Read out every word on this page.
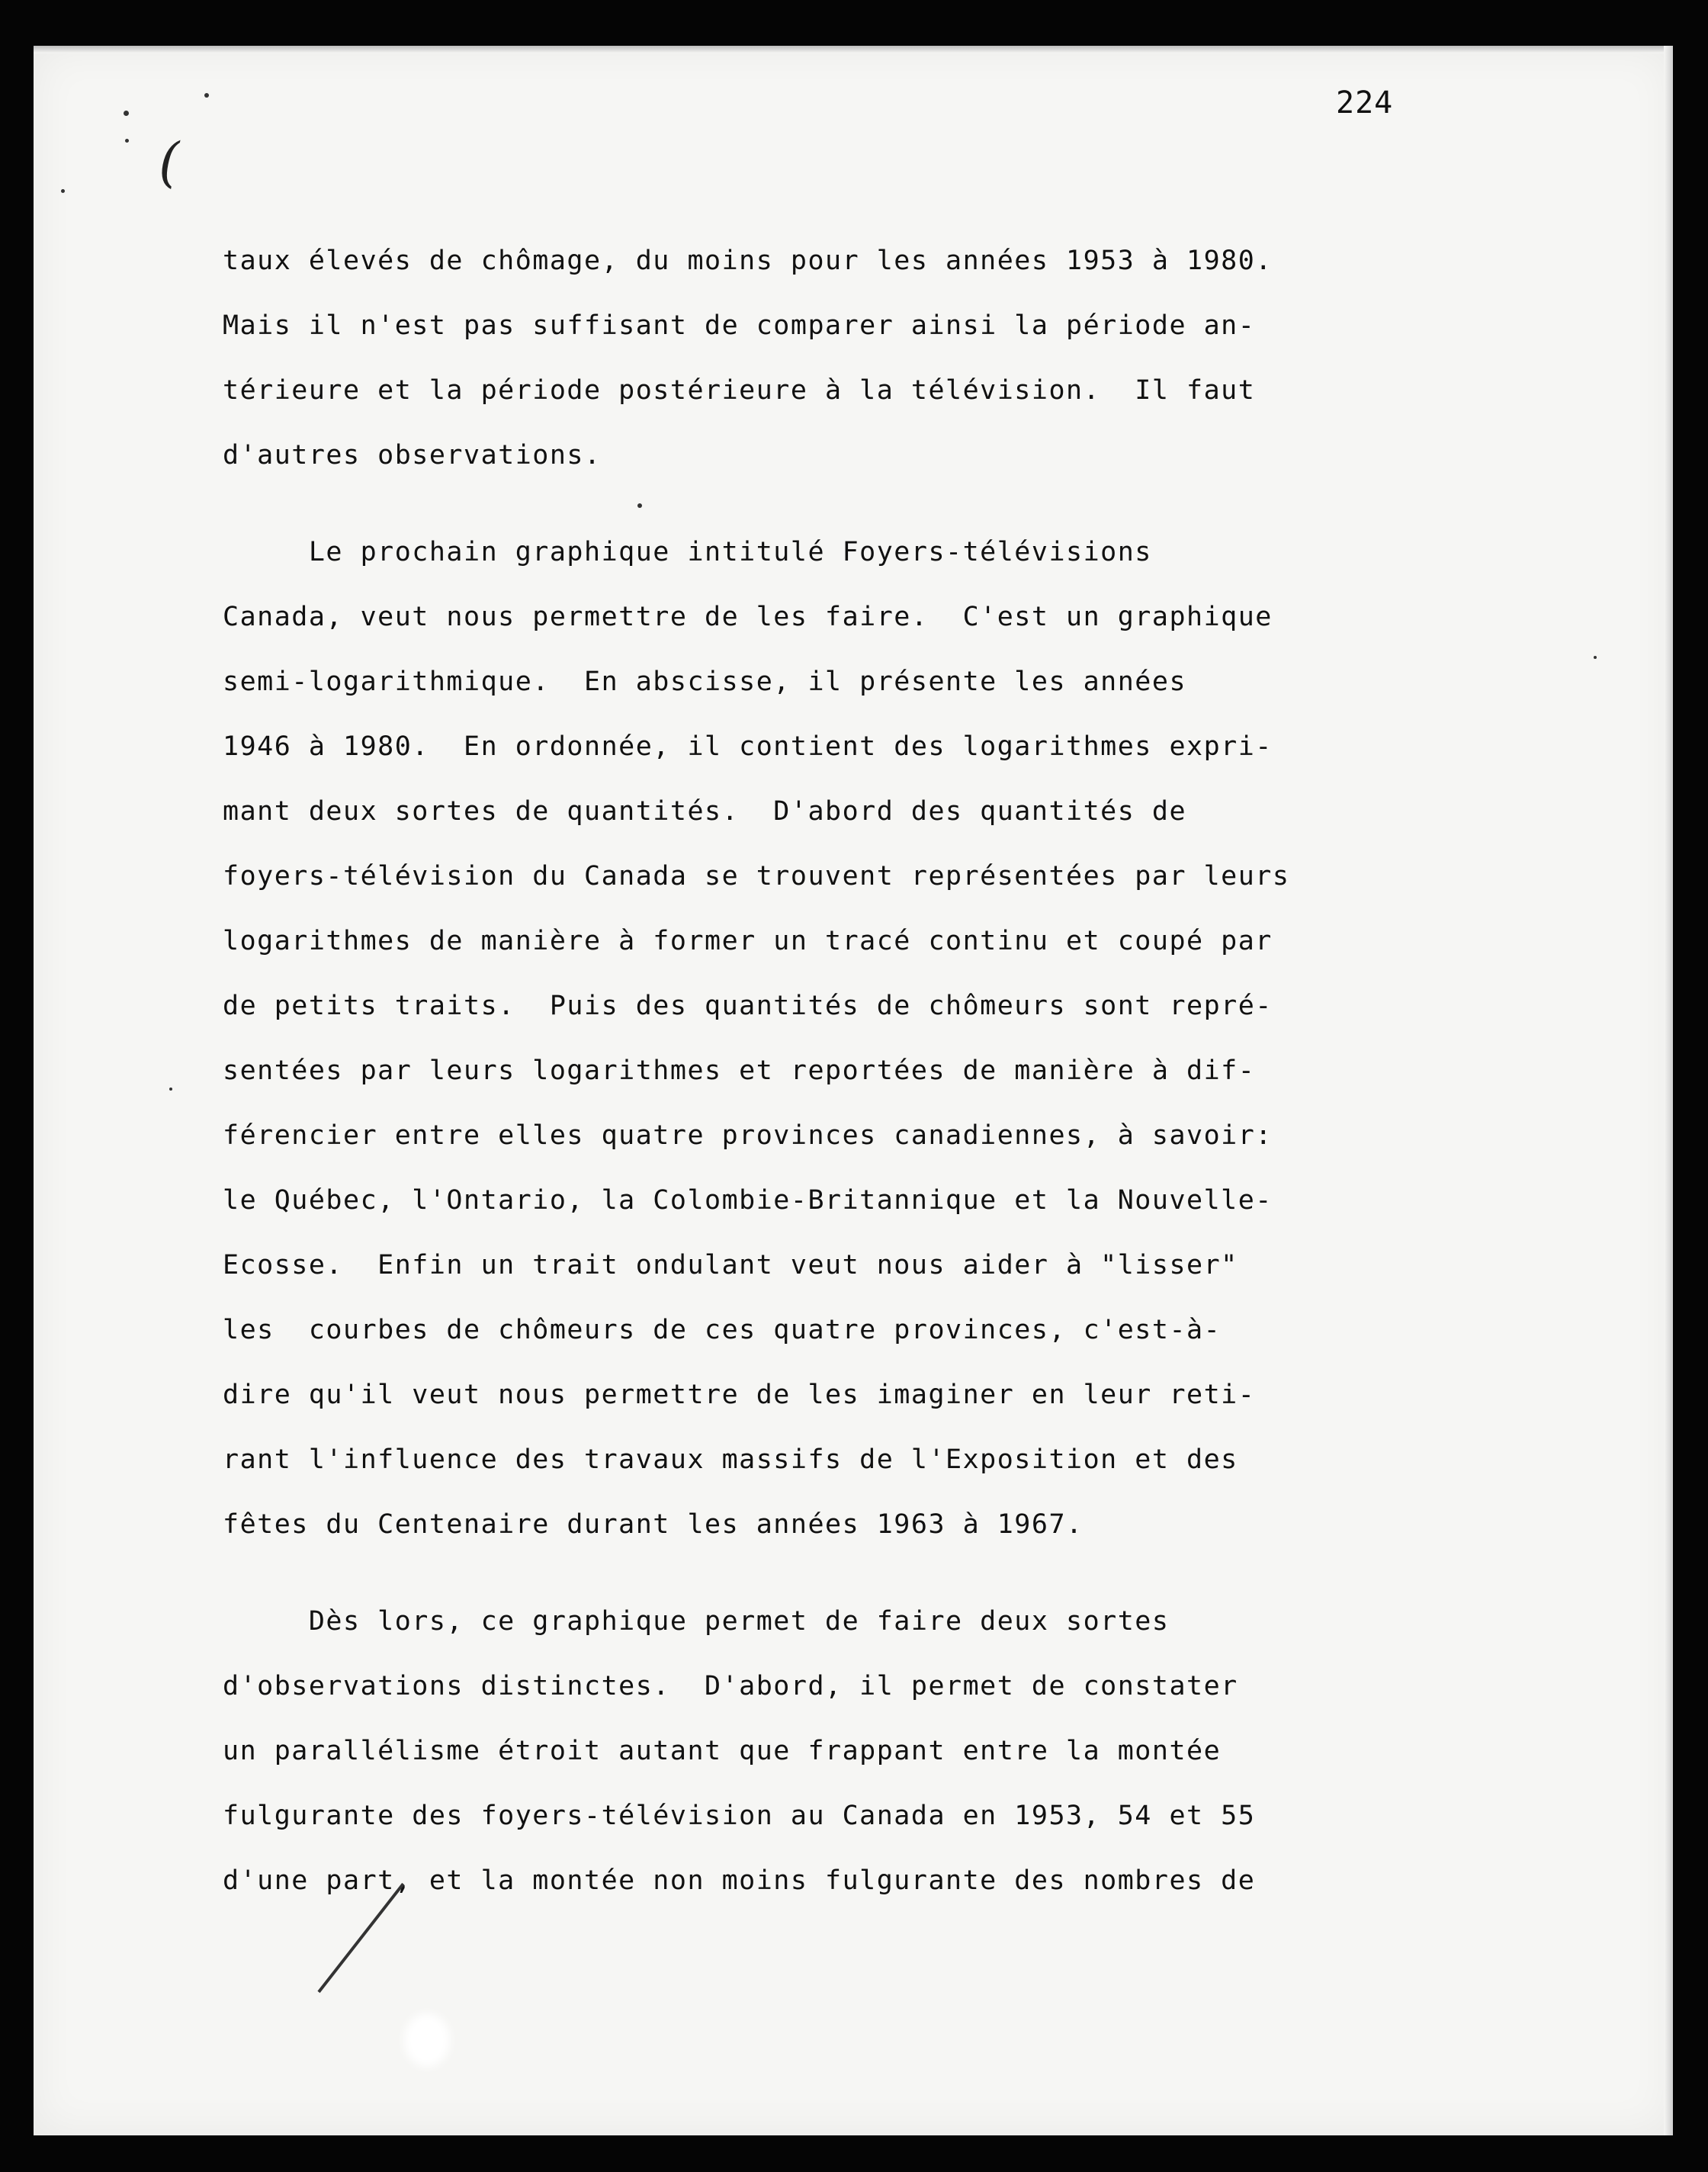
224
(

taux élevés de chômage, du moins pour les années 1953 à 1980.
Mais il n'est pas suffisant de comparer ainsi la période an-
térieure et la période postérieure à la télévision.  Il faut
d'autres observations.

Le prochain graphique intitulé Foyers-télévisions
Canada, veut nous permettre de les faire.  C'est un graphique
semi-logarithmique.  En abscisse, il présente les années
1946 à 1980.  En ordonnée, il contient des logarithmes expri-
mant deux sortes de quantités.  D'abord des quantités de
foyers-télévision du Canada se trouvent représentées par leurs
logarithmes de manière à former un tracé continu et coupé par
de petits traits.  Puis des quantités de chômeurs sont repré-
sentées par leurs logarithmes et reportées de manière à dif-
férencier entre elles quatre provinces canadiennes, à savoir:
le Québec, l'Ontario, la Colombie-Britannique et la Nouvelle-
Ecosse.  Enfin un trait ondulant veut nous aider à "lisser"
les  courbes de chômeurs de ces quatre provinces, c'est-à-
dire qu'il veut nous permettre de les imaginer en leur reti-
rant l'influence des travaux massifs de l'Exposition et des
fêtes du Centenaire durant les années 1963 à 1967.

Dès lors, ce graphique permet de faire deux sortes
d'observations distinctes.  D'abord, il permet de constater
un parallélisme étroit autant que frappant entre la montée
fulgurante des foyers-télévision au Canada en 1953, 54 et 55
d'une part, et la montée non moins fulgurante des nombres de
